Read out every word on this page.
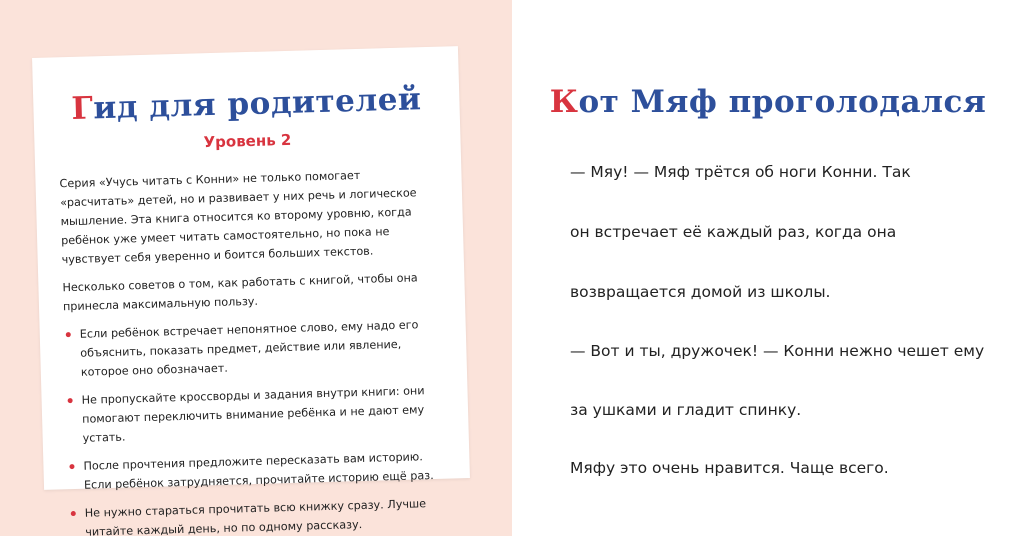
Гид для родителей
Уровень 2

Серия «Учусь читать с Конни» не только помогает «расчитать» детей, но и развивает у них речь и логическое мышление. Эта книга относится ко второму уровню, когда ребёнок уже умеет читать самостоятельно, но пока не чувствует себя уверенно и боится больших текстов.

Несколько советов о том, как работать с книгой, чтобы она принесла максимальную пользу.

Если ребёнок встречает непонятное слово, ему надо его объяснить, показать предмет, действие или явление, которое оно обозначает.
Не пропускайте кроссворды и задания внутри книги: они помогают переключить внимание ребёнка и не дают ему устать.
После прочтения предложите пересказать вам историю. Если ребёнок затрудняется, прочитайте историю ещё раз.
Не нужно стараться прочитать всю книжку сразу. Лучше читайте каждый день, но по одному рассказу.
Кот Мяф проголодался
— Мяу! — Мяф трётся об ноги Конни. Так
он встречает её каждый раз, когда она
возвращается домой из школы.
— Вот и ты, дружочек! — Конни нежно чешет ему
за ушками и гладит спинку.
Мяфу это очень нравится. Чаще всего.
